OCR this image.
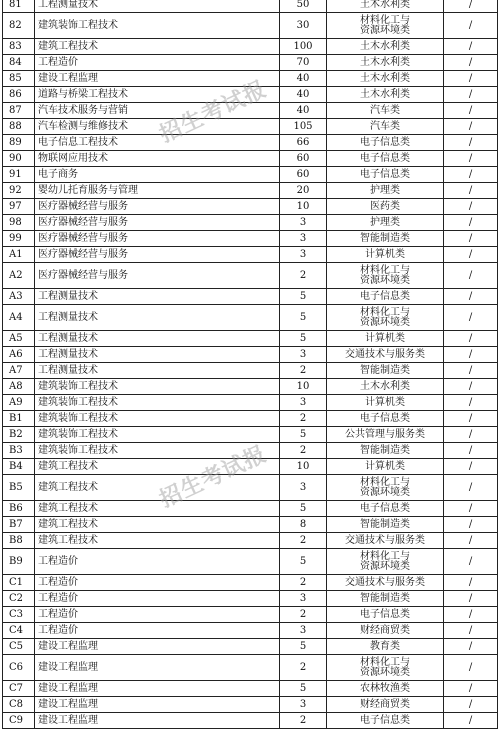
81	工程测量技术	50	土木水利类	/
82	建筑装饰工程技术	30	材料化工与
资源环境类	/
83	建筑工程技术	100	土木水利类	/
84	工程造价	70	土木水利类	/
85	建设工程监理	40	土木水利类	/
86	道路与桥梁工程技术	40	土木水利类	/
87	汽车技术服务与营销	40	汽车类	/
88	汽车检测与维修技术	105	汽车类	/
89	电子信息工程技术	66	电子信息类	/
90	物联网应用技术	60	电子信息类	/
91	电子商务	60	电子信息类	/
92	婴幼儿托育服务与管理	20	护理类	/
97	医疗器械经营与服务	10	医药类	/
98	医疗器械经营与服务	3	护理类	/
99	医疗器械经营与服务	3	智能制造类	/
A1	医疗器械经营与服务	3	计算机类	/
A2	医疗器械经营与服务	2	材料化工与
资源环境类	/
A3	工程测量技术	5	电子信息类	/
A4	工程测量技术	5	材料化工与
资源环境类	/
A5	工程测量技术	5	计算机类	/
A6	工程测量技术	3	交通技术与服务类	/
A7	工程测量技术	2	智能制造类	/
A8	建筑装饰工程技术	10	土木水利类	/
A9	建筑装饰工程技术	3	计算机类	/
B1	建筑装饰工程技术	2	电子信息类	/
B2	建筑装饰工程技术	5	公共管理与服务类	/
B3	建筑装饰工程技术	2	智能制造类	/
B4	建筑工程技术	10	计算机类	/
B5	建筑工程技术	3	材料化工与
资源环境类	/
B6	建筑工程技术	5	电子信息类	/
B7	建筑工程技术	8	智能制造类	/
B8	建筑工程技术	2	交通技术与服务类	/
B9	工程造价	5	材料化工与
资源环境类	/
C1	工程造价	2	交通技术与服务类	/
C2	工程造价	3	智能制造类	/
C3	工程造价	2	电子信息类	/
C4	工程造价	3	财经商贸类	/
C5	建设工程监理	5	教育类	/
C6	建设工程监理	2	材料化工与
资源环境类	/
C7	建设工程监理	5	农林牧渔类	/
C8	建设工程监理	3	财经商贸类	/
C9	建设工程监理	2	电子信息类	/
招生考试报
招生考试报
